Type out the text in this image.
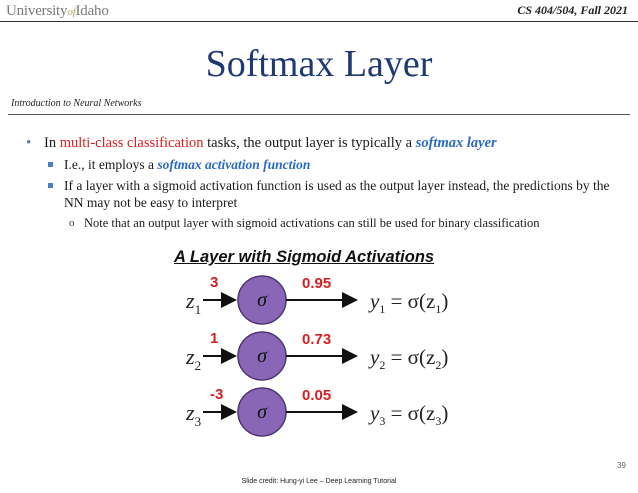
UniversityofIdaho	CS 404/504, Fall 2021
Softmax Layer
Introduction to Neural Networks
• In multi-class classification tasks, the output layer is typically a softmax layer
I.e., it employs a softmax activation function
If a layer with a sigmoid activation function is used as the output layer instead, the predictions by the NN may not be easy to interpret
o Note that an output layer with sigmoid activations can still be used for binary classification
A Layer with Sigmoid Activations
$z_1$
3
σ
0.95
$y_1 = \sigma(z_1)$
$z_2$
1
σ
0.73
$y_2 = \sigma(z_2)$
$z_3$
-3
σ
0.05
$y_3 = \sigma(z_3)$
Slide credit: Hung-yi Lee – Deep Learning Tutorial
39
